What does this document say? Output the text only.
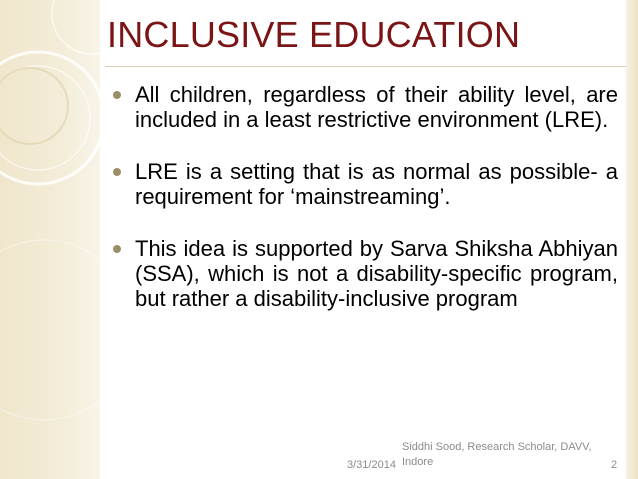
INCLUSIVE EDUCATION
All children, regardless of their ability level, are included in a least restrictive environment (LRE).
LRE is a setting that is as normal as possible- a requirement for ‘mainstreaming’.
This idea is supported by Sarva Shiksha Abhiyan (SSA), which is not a disability-specific program, but rather a disability-inclusive program
3/31/2014
Siddhi Sood, Research Scholar, DAVV, Indore	2
